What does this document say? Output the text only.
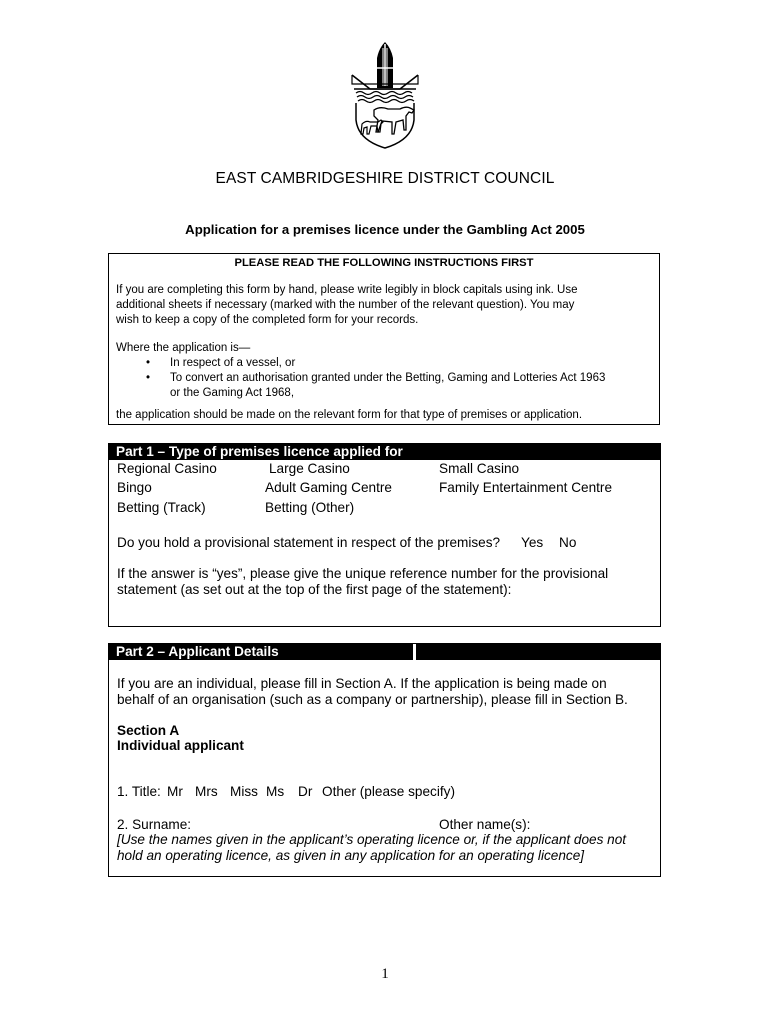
EAST CAMBRIDGESHIRE DISTRICT COUNCIL
Application for a premises licence under the Gambling Act 2005
PLEASE READ THE FOLLOWING INSTRUCTIONS FIRST

If you are completing this form by hand, please write legibly in block capitals using ink. Use

additional sheets if necessary (marked with the number of the relevant question). You may

wish to keep a copy of the completed form for your records.

Where the application is—

• In respect of a vessel, or
• To convert an authorisation granted under the Betting, Gaming and Lotteries Act 1963
or the Gaming Act 1968,

the application should be made on the relevant form for that type of premises or application.

Part 1 – Type of premises licence applied for
Regional Casino	Large Casino	Small Casino
Bingo	Adult Gaming Centre	Family Entertainment Centre
Betting (Track)	Betting (Other)
Do you hold a provisional statement in respect of the premises? Yes No
If the answer is “yes”, please give the unique reference number for the provisional
statement (as set out at the top of the first page of the statement):
Part 2 – Applicant Details
If you are an individual, please fill in Section A. If the application is being made on
behalf of an organisation (such as a company or partnership), please fill in Section B.
Section A
Individual applicant
1. Title: Mr Mrs Miss Ms Dr Other (please specify)
2. Surname:	Other name(s):
[Use the names given in the applicant’s operating licence or, if the applicant does not
hold an operating licence, as given in any application for an operating licence]
1
